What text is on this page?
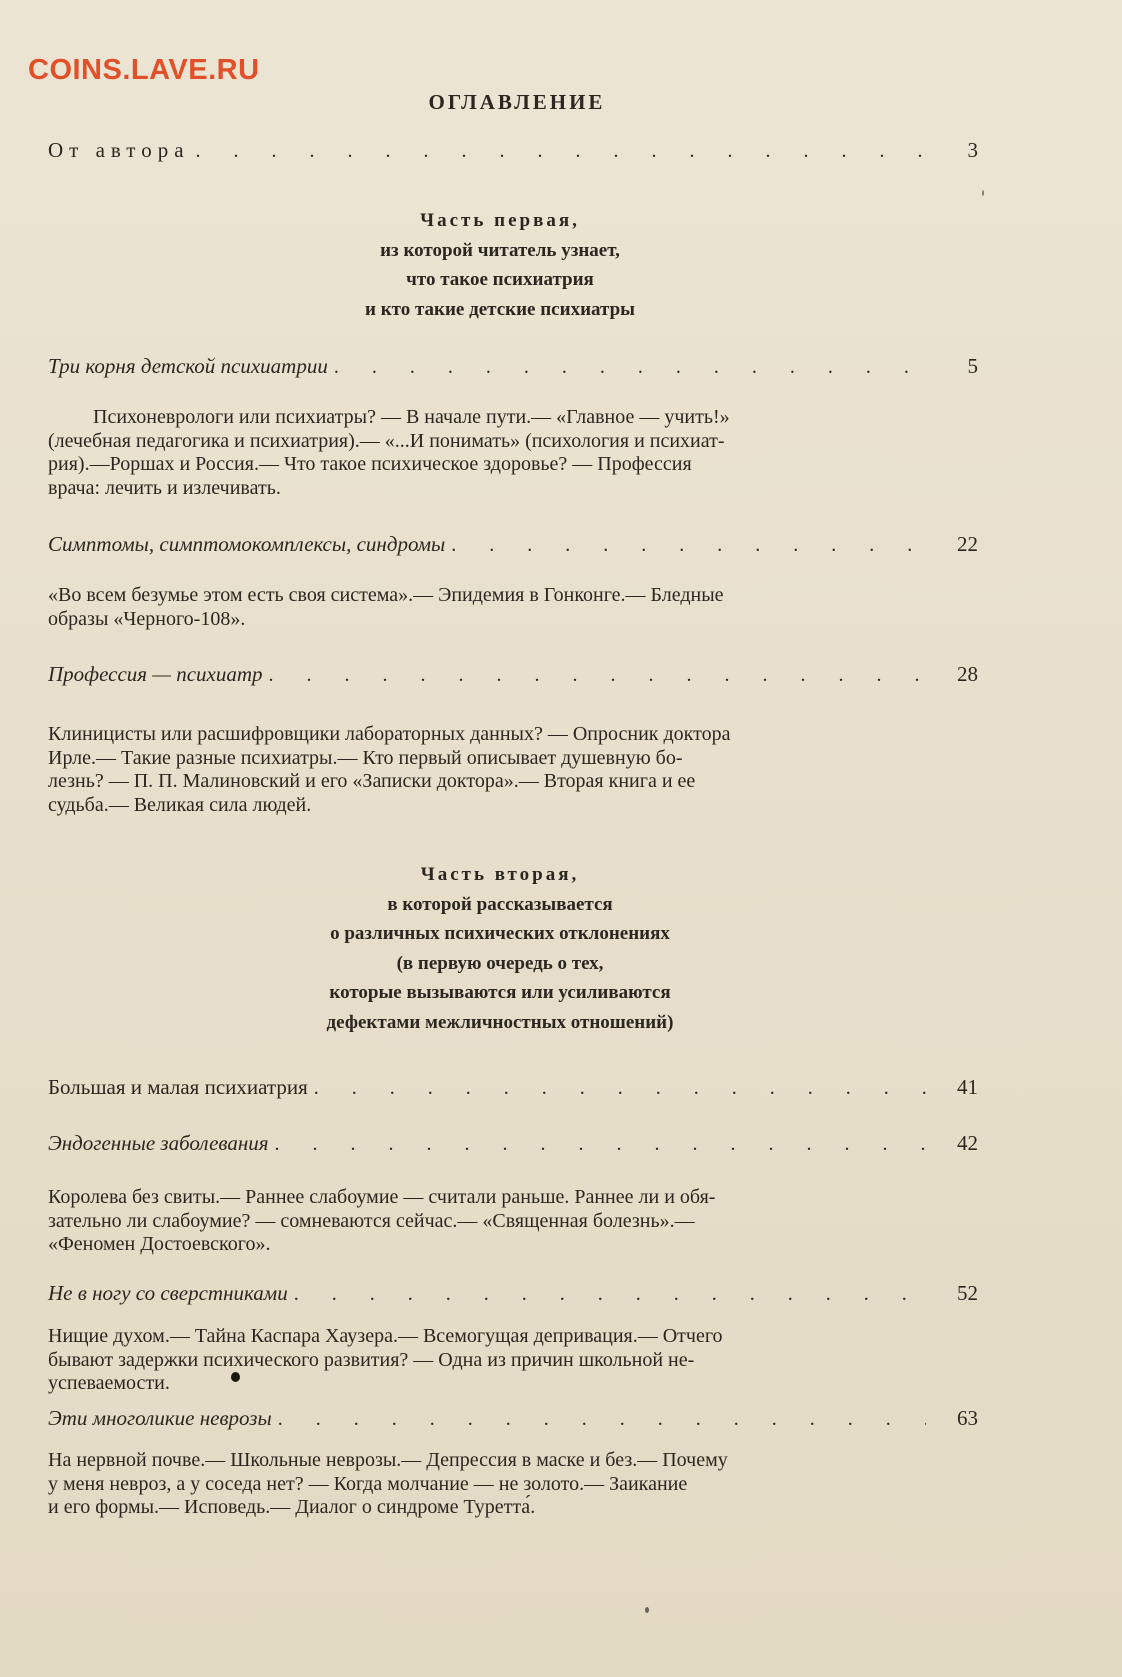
COINS.LAVE.RU
ОГЛАВЛЕНИЕ
От автора . . .	3
Часть первая,
из которой читатель узнает,
что такое психиатрия
и кто такие детские психиатры
Три корня детской психиатрии . . .	5
Психоневрологи или психиатры? — В начале пути.— «Главное — учить!»
(лечебная педагогика и психиатрия).— «...И понимать» (психология и психиат-
рия).—Роршах и Россия.— Что такое психическое здоровье? — Профессия
врача: лечить и излечивать.
Симптомы, симптомокомплексы, синдромы . . .	22
«Во всем безумье этом есть своя система».— Эпидемия в Гонконге.— Бледные
образы «Черного-108».
Профессия — психиатр . . .	28
Клиницисты или расшифровщики лабораторных данных? — Опросник доктора
Ирле.— Такие разные психиатры.— Кто первый описывает душевную бо-
лезнь? — П. П. Малиновский и его «Записки доктора».— Вторая книга и ее
судьба.— Великая сила людей.
Часть вторая,
в которой рассказывается
о различных психических отклонениях
(в первую очередь о тех,
которые вызываются или усиливаются
дефектами межличностных отношений)
Большая и малая психиатрия . . .	41
Эндогенные заболевания . . .	42
Королева без свиты.— Раннее слабоумие — считали раньше. Раннее ли и обя-
зательно ли слабоумие? — сомневаются сейчас.— «Священная болезнь».—
«Феномен Достоевского».
Не в ногу со сверстниками . . .	52
Нищие духом.— Тайна Каспара Хаузера.— Всемогущая депривация.— Отчего
бывают задержки психического развития? — Одна из причин школьной не-
успеваемости.
Эти многоликие неврозы . . .	63
На нервной почве.— Школьные неврозы.— Депрессия в маске и без.— Почему
у меня невроз, а у соседа нет? — Когда молчание — не золото.— Заикание
и его формы.— Исповедь.— Диалог о синдроме Туретта́.
